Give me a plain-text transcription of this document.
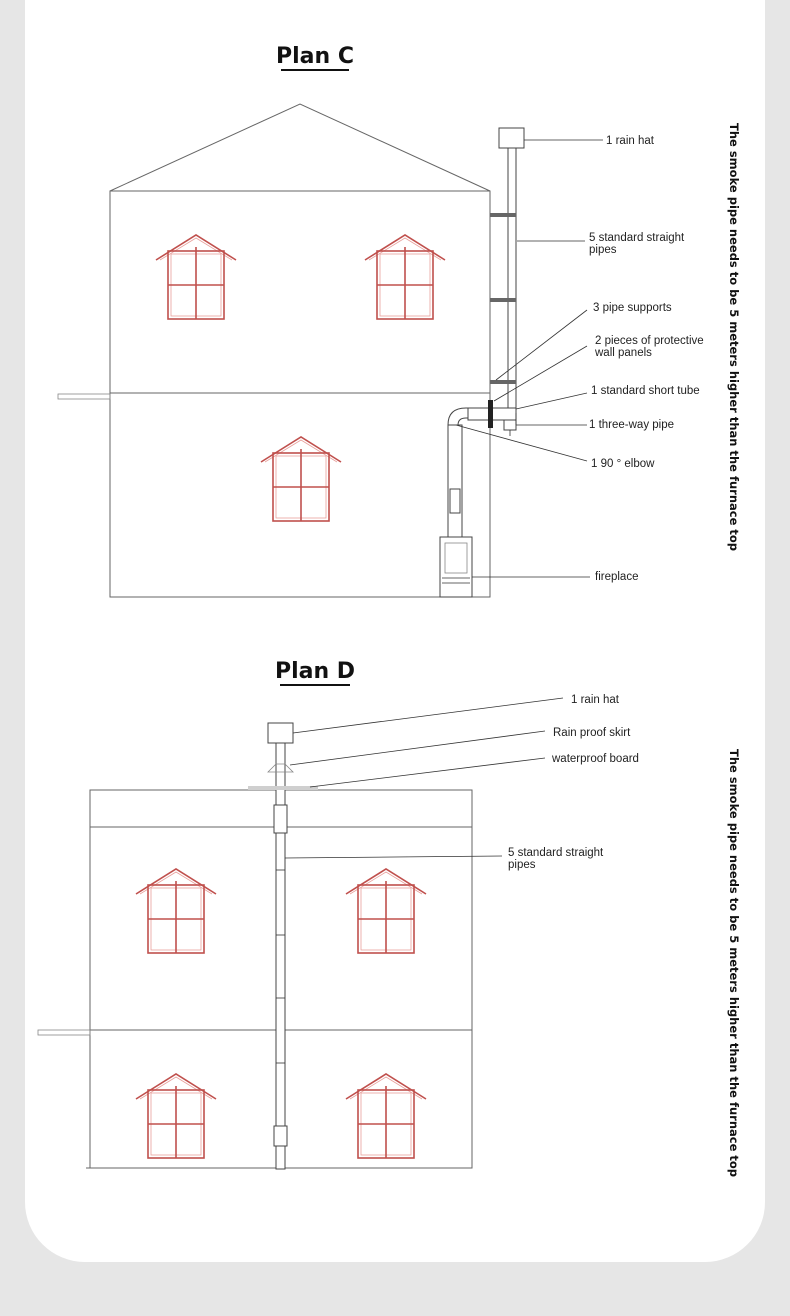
Plan C
1 rain hat
5 standard straight
pipes
3 pipe supports
2 pieces of protective
wall panels
1 standard short tube
1 three-way pipe
1 90 ° elbow
fireplace
The smoke pipe needs to be 5 meters higher than the furnace top
Plan D
1 rain hat
Rain proof skirt
waterproof board
5 standard straight
pipes	The smoke pipe needs to be 5 meters higher than the furnace top
